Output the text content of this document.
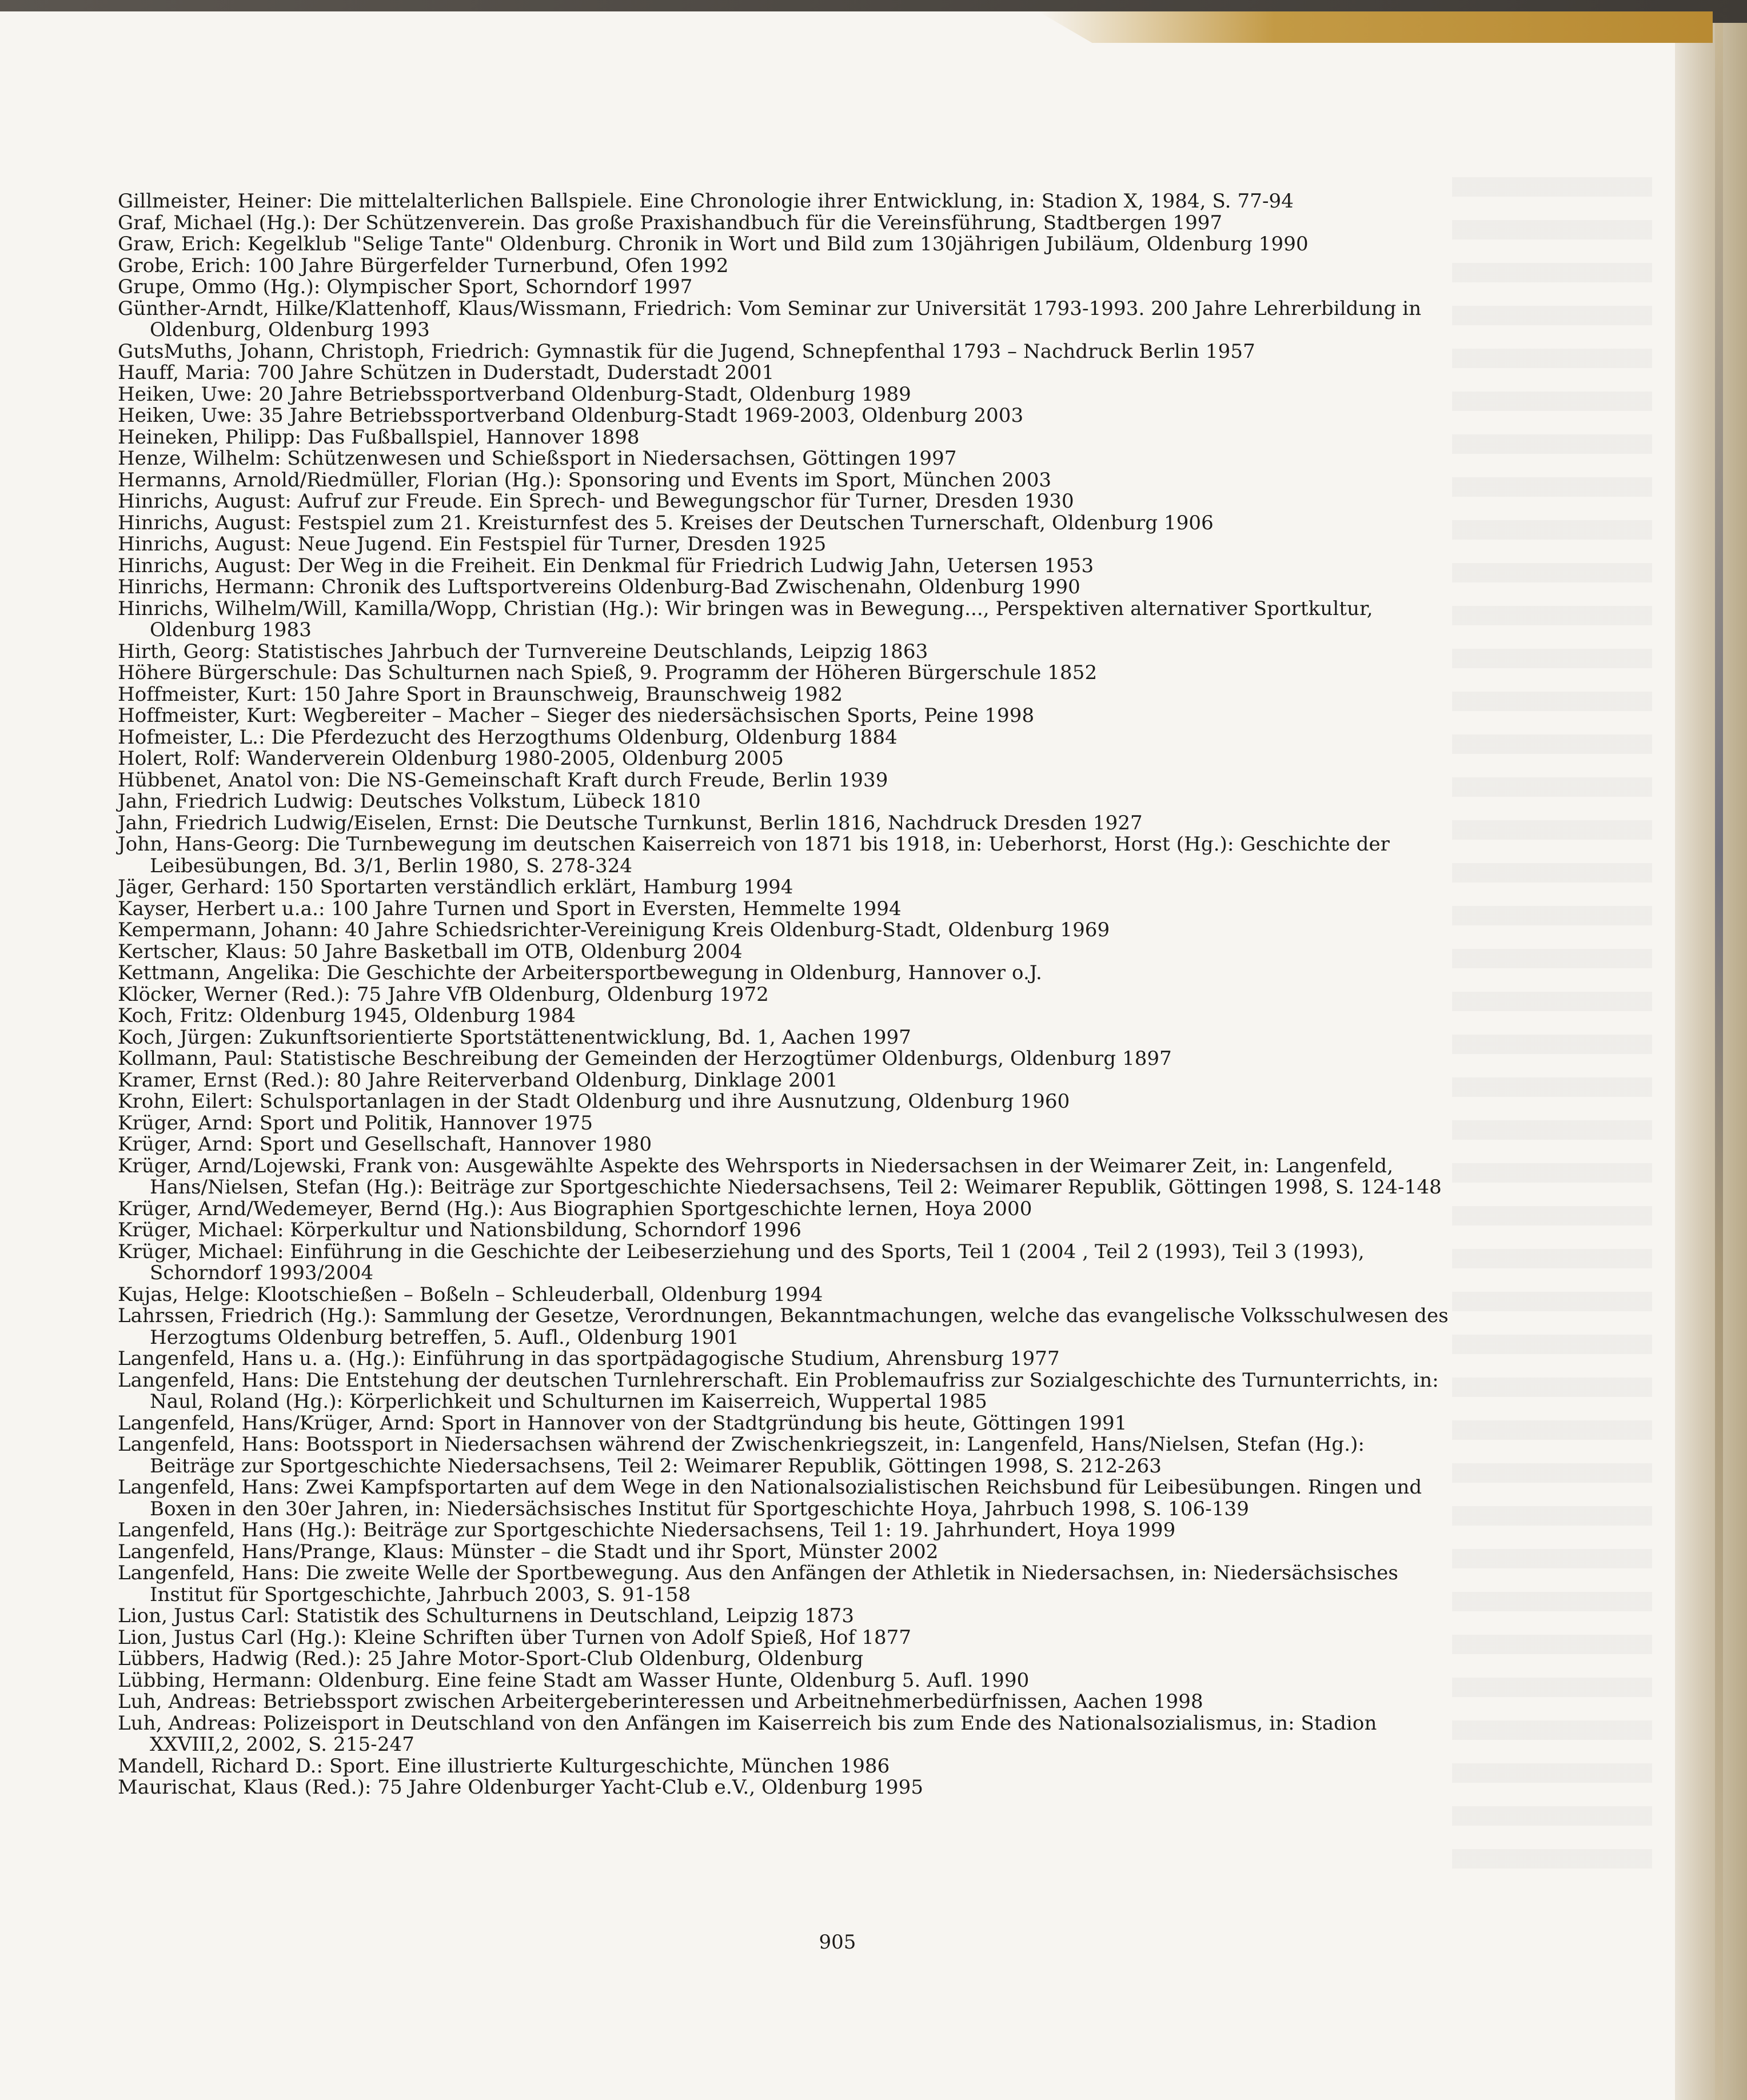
Gillmeister, Heiner: Die mittelalterlichen Ballspiele. Eine Chronologie ihrer Entwicklung, in: Stadion X, 1984, S. 77-94
Graf, Michael (Hg.): Der Schützenverein. Das große Praxishandbuch für die Vereinsführung, Stadtbergen 1997
Graw, Erich: Kegelklub "Selige Tante" Oldenburg. Chronik in Wort und Bild zum 130jährigen Jubiläum, Oldenburg 1990
Grobe, Erich: 100 Jahre Bürgerfelder Turnerbund, Ofen 1992
Grupe, Ommo (Hg.): Olympischer Sport, Schorndorf 1997
Günther-Arndt, Hilke/Klattenhoff, Klaus/Wissmann, Friedrich: Vom Seminar zur Universität 1793-1993. 200 Jahre Lehrerbildung in Oldenburg, Oldenburg 1993
GutsMuths, Johann, Christoph, Friedrich: Gymnastik für die Jugend, Schnepfenthal 1793 – Nachdruck Berlin 1957
Hauff, Maria: 700 Jahre Schützen in Duderstadt, Duderstadt 2001
Heiken, Uwe: 20 Jahre Betriebssportverband Oldenburg-Stadt, Oldenburg 1989
Heiken, Uwe: 35 Jahre Betriebssportverband Oldenburg-Stadt 1969-2003, Oldenburg 2003
Heineken, Philipp: Das Fußballspiel, Hannover 1898
Henze, Wilhelm: Schützenwesen und Schießsport in Niedersachsen, Göttingen 1997
Hermanns, Arnold/Riedmüller, Florian (Hg.): Sponsoring und Events im Sport, München 2003
Hinrichs, August: Aufruf zur Freude. Ein Sprech- und Bewegungschor für Turner, Dresden 1930
Hinrichs, August: Festspiel zum 21. Kreisturnfest des 5. Kreises der Deutschen Turnerschaft, Oldenburg 1906
Hinrichs, August: Neue Jugend. Ein Festspiel für Turner, Dresden 1925
Hinrichs, August: Der Weg in die Freiheit. Ein Denkmal für Friedrich Ludwig Jahn, Uetersen 1953
Hinrichs, Hermann: Chronik des Luftsportvereins Oldenburg-Bad Zwischenahn, Oldenburg 1990
Hinrichs, Wilhelm/Will, Kamilla/Wopp, Christian (Hg.): Wir bringen was in Bewegung..., Perspektiven alternativer Sportkultur, Oldenburg 1983
Hirth, Georg: Statistisches Jahrbuch der Turnvereine Deutschlands, Leipzig 1863
Höhere Bürgerschule: Das Schulturnen nach Spieß, 9. Programm der Höheren Bürgerschule 1852
Hoffmeister, Kurt: 150 Jahre Sport in Braunschweig, Braunschweig 1982
Hoffmeister, Kurt: Wegbereiter – Macher – Sieger des niedersächsischen Sports, Peine 1998
Hofmeister, L.: Die Pferdezucht des Herzogthums Oldenburg, Oldenburg 1884
Holert, Rolf: Wanderverein Oldenburg 1980-2005, Oldenburg 2005
Hübbenet, Anatol von: Die NS-Gemeinschaft Kraft durch Freude, Berlin 1939
Jahn, Friedrich Ludwig: Deutsches Volkstum, Lübeck 1810
Jahn, Friedrich Ludwig/Eiselen, Ernst: Die Deutsche Turnkunst, Berlin 1816, Nachdruck Dresden 1927
John, Hans-Georg: Die Turnbewegung im deutschen Kaiserreich von 1871 bis 1918, in: Ueberhorst, Horst (Hg.): Geschichte der Leibesübungen, Bd. 3/1, Berlin 1980, S. 278-324
Jäger, Gerhard: 150 Sportarten verständlich erklärt, Hamburg 1994
Kayser, Herbert u.a.: 100 Jahre Turnen und Sport in Eversten, Hemmelte 1994
Kempermann, Johann: 40 Jahre Schiedsrichter-Vereinigung Kreis Oldenburg-Stadt, Oldenburg 1969
Kertscher, Klaus: 50 Jahre Basketball im OTB, Oldenburg 2004
Kettmann, Angelika: Die Geschichte der Arbeitersportbewegung in Oldenburg, Hannover o.J.
Klöcker, Werner (Red.): 75 Jahre VfB Oldenburg, Oldenburg 1972
Koch, Fritz: Oldenburg 1945, Oldenburg 1984
Koch, Jürgen: Zukunftsorientierte Sportstättenentwicklung, Bd. 1, Aachen 1997
Kollmann, Paul: Statistische Beschreibung der Gemeinden der Herzogtümer Oldenburgs, Oldenburg 1897
Kramer, Ernst (Red.): 80 Jahre Reiterverband Oldenburg, Dinklage 2001
Krohn, Eilert: Schulsportanlagen in der Stadt Oldenburg und ihre Ausnutzung, Oldenburg 1960
Krüger, Arnd: Sport und Politik, Hannover 1975
Krüger, Arnd: Sport und Gesellschaft, Hannover 1980
Krüger, Arnd/Lojewski, Frank von: Ausgewählte Aspekte des Wehrsports in Niedersachsen in der Weimarer Zeit, in: Langenfeld, Hans/Nielsen, Stefan (Hg.): Beiträge zur Sportgeschichte Niedersachsens, Teil 2: Weimarer Republik, Göttingen 1998, S. 124-148
Krüger, Arnd/Wedemeyer, Bernd (Hg.): Aus Biographien Sportgeschichte lernen, Hoya 2000
Krüger, Michael: Körperkultur und Nationsbildung, Schorndorf 1996
Krüger, Michael: Einführung in die Geschichte der Leibeserziehung und des Sports, Teil 1 (2004 , Teil 2 (1993), Teil 3 (1993), Schorndorf 1993/2004
Kujas, Helge: Klootschießen – Boßeln – Schleuderball, Oldenburg 1994
Lahrssen, Friedrich (Hg.): Sammlung der Gesetze, Verordnungen, Bekanntmachungen, welche das evangelische Volksschulwesen des Herzogtums Oldenburg betreffen, 5. Aufl., Oldenburg 1901
Langenfeld, Hans u. a. (Hg.): Einführung in das sportpädagogische Studium, Ahrensburg 1977
Langenfeld, Hans: Die Entstehung der deutschen Turnlehrerschaft. Ein Problemaufriss zur Sozialgeschichte des Turnunterrichts, in: Naul, Roland (Hg.): Körperlichkeit und Schulturnen im Kaiserreich, Wuppertal 1985
Langenfeld, Hans/Krüger, Arnd: Sport in Hannover von der Stadtgründung bis heute, Göttingen 1991
Langenfeld, Hans: Bootssport in Niedersachsen während der Zwischenkriegszeit, in: Langenfeld, Hans/Nielsen, Stefan (Hg.): Beiträge zur Sportgeschichte Niedersachsens, Teil 2: Weimarer Republik, Göttingen 1998, S. 212-263
Langenfeld, Hans: Zwei Kampfsportarten auf dem Wege in den Nationalsozialistischen Reichsbund für Leibesübungen. Ringen und Boxen in den 30er Jahren, in: Niedersächsisches Institut für Sportgeschichte Hoya, Jahrbuch 1998, S. 106-139
Langenfeld, Hans (Hg.): Beiträge zur Sportgeschichte Niedersachsens, Teil 1: 19. Jahrhundert, Hoya 1999
Langenfeld, Hans/Prange, Klaus: Münster – die Stadt und ihr Sport, Münster 2002
Langenfeld, Hans: Die zweite Welle der Sportbewegung. Aus den Anfängen der Athletik in Niedersachsen, in: Niedersächsisches Institut für Sportgeschichte, Jahrbuch 2003, S. 91-158
Lion, Justus Carl: Statistik des Schulturnens in Deutschland, Leipzig 1873
Lion, Justus Carl (Hg.): Kleine Schriften über Turnen von Adolf Spieß, Hof 1877
Lübbers, Hadwig (Red.): 25 Jahre Motor-Sport-Club Oldenburg, Oldenburg
Lübbing, Hermann: Oldenburg. Eine feine Stadt am Wasser Hunte, Oldenburg 5. Aufl. 1990
Luh, Andreas: Betriebssport zwischen Arbeitergeberinteressen und Arbeitnehmerbedürfnissen, Aachen 1998
Luh, Andreas: Polizeisport in Deutschland von den Anfängen im Kaiserreich bis zum Ende des Nationalsozialismus, in: Stadion XXVIII,2, 2002, S. 215-247
Mandell, Richard D.: Sport. Eine illustrierte Kulturgeschichte, München 1986
Maurischat, Klaus (Red.): 75 Jahre Oldenburger Yacht-Club e.V., Oldenburg 1995
905
